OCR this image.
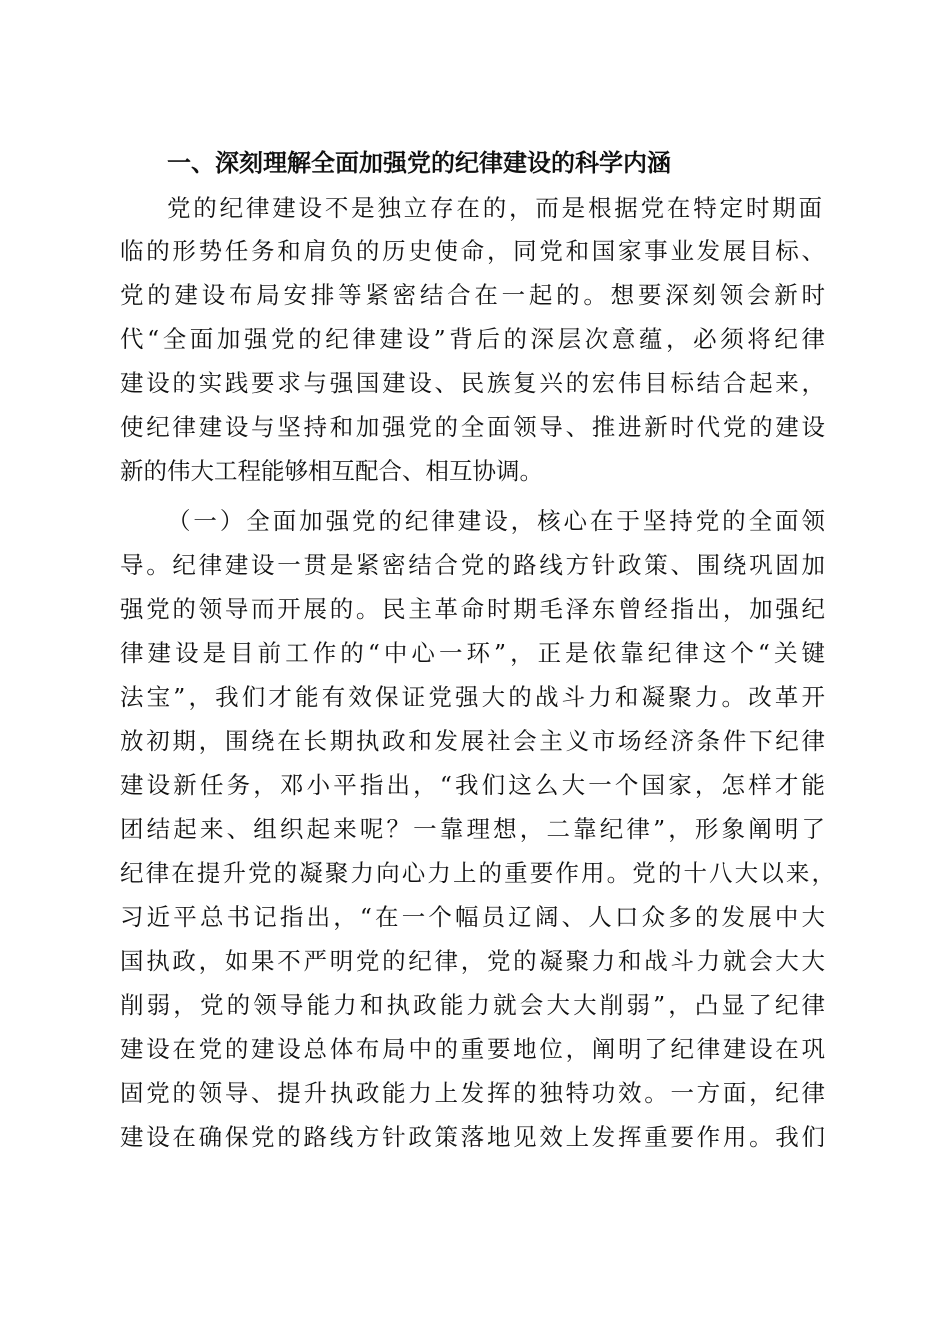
一、深刻理解全面加强党的纪律建设的科学内涵
党的纪律建设不是独立存在的，而是根据党在特定时期面
临的形势任务和肩负的历史使命，同党和国家事业发展目标、
党的建设布局安排等紧密结合在一起的。想要深刻领会新时
代“全面加强党的纪律建设”背后的深层次意蕴，必须将纪律
建设的实践要求与强国建设、民族复兴的宏伟目标结合起来，
使纪律建设与坚持和加强党的全面领导、推进新时代党的建设
新的伟大工程能够相互配合、相互协调。
（一）全面加强党的纪律建设，核心在于坚持党的全面领
导。纪律建设一贯是紧密结合党的路线方针政策、围绕巩固加
强党的领导而开展的。民主革命时期毛泽东曾经指出，加强纪
律建设是目前工作的“中心一环”，正是依靠纪律这个“关键
法宝”，我们才能有效保证党强大的战斗力和凝聚力。改革开
放初期，围绕在长期执政和发展社会主义市场经济条件下纪律
建设新任务，邓小平指出，“我们这么大一个国家，怎样才能
团结起来、组织起来呢？一靠理想，二靠纪律”，形象阐明了
纪律在提升党的凝聚力向心力上的重要作用。党的十八大以来，
习近平总书记指出，“在一个幅员辽阔、人口众多的发展中大
国执政，如果不严明党的纪律，党的凝聚力和战斗力就会大大
削弱，党的领导能力和执政能力就会大大削弱”，凸显了纪律
建设在党的建设总体布局中的重要地位，阐明了纪律建设在巩
固党的领导、提升执政能力上发挥的独特功效。一方面，纪律
建设在确保党的路线方针政策落地见效上发挥重要作用。我们
